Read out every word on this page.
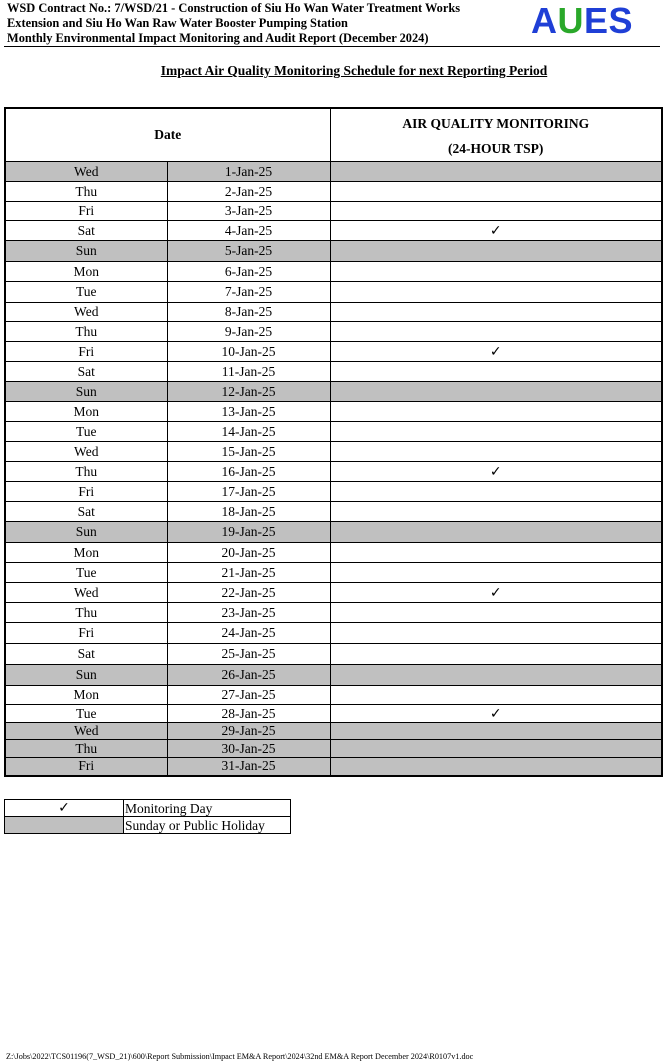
WSD Contract No.: 7/WSD/21 - Construction of Siu Ho Wan Water Treatment Works
Extension and Siu Ho Wan Raw Water Booster Pumping Station
Monthly Environmental Impact Monitoring and Audit Report (December 2024)	AUES
Impact Air Quality Monitoring Schedule for next Reporting Period
Date		AIR QUALITY MONITORING
(24-HOUR TSP)

Wed	1-Jan-25	
Thu	2-Jan-25	
Fri	3-Jan-25	
Sat	4-Jan-25	✓
Sun	5-Jan-25	
Mon	6-Jan-25	
Tue	7-Jan-25	
Wed	8-Jan-25	
Thu	9-Jan-25	
Fri	10-Jan-25	✓
Sat	11-Jan-25	
Sun	12-Jan-25	
Mon	13-Jan-25	
Tue	14-Jan-25	
Wed	15-Jan-25	
Thu	16-Jan-25	✓
Fri	17-Jan-25	
Sat	18-Jan-25	
Sun	19-Jan-25	
Mon	20-Jan-25	
Tue	21-Jan-25	
Wed	22-Jan-25	✓
Thu	23-Jan-25	
Fri	24-Jan-25	
Sat	25-Jan-25	
Sun	26-Jan-25	
Mon	27-Jan-25	
Tue	28-Jan-25	✓
Wed	29-Jan-25	
Thu	30-Jan-25	
Fri	31-Jan-25	
✓	Monitoring Day
	Sunday or Public Holiday
Z:\Jobs\2022\TCS01196(7_WSD_21)\600\Report Submission\Impact EM&A Report\2024\32nd EM&A Report December 2024\R0107v1.doc
